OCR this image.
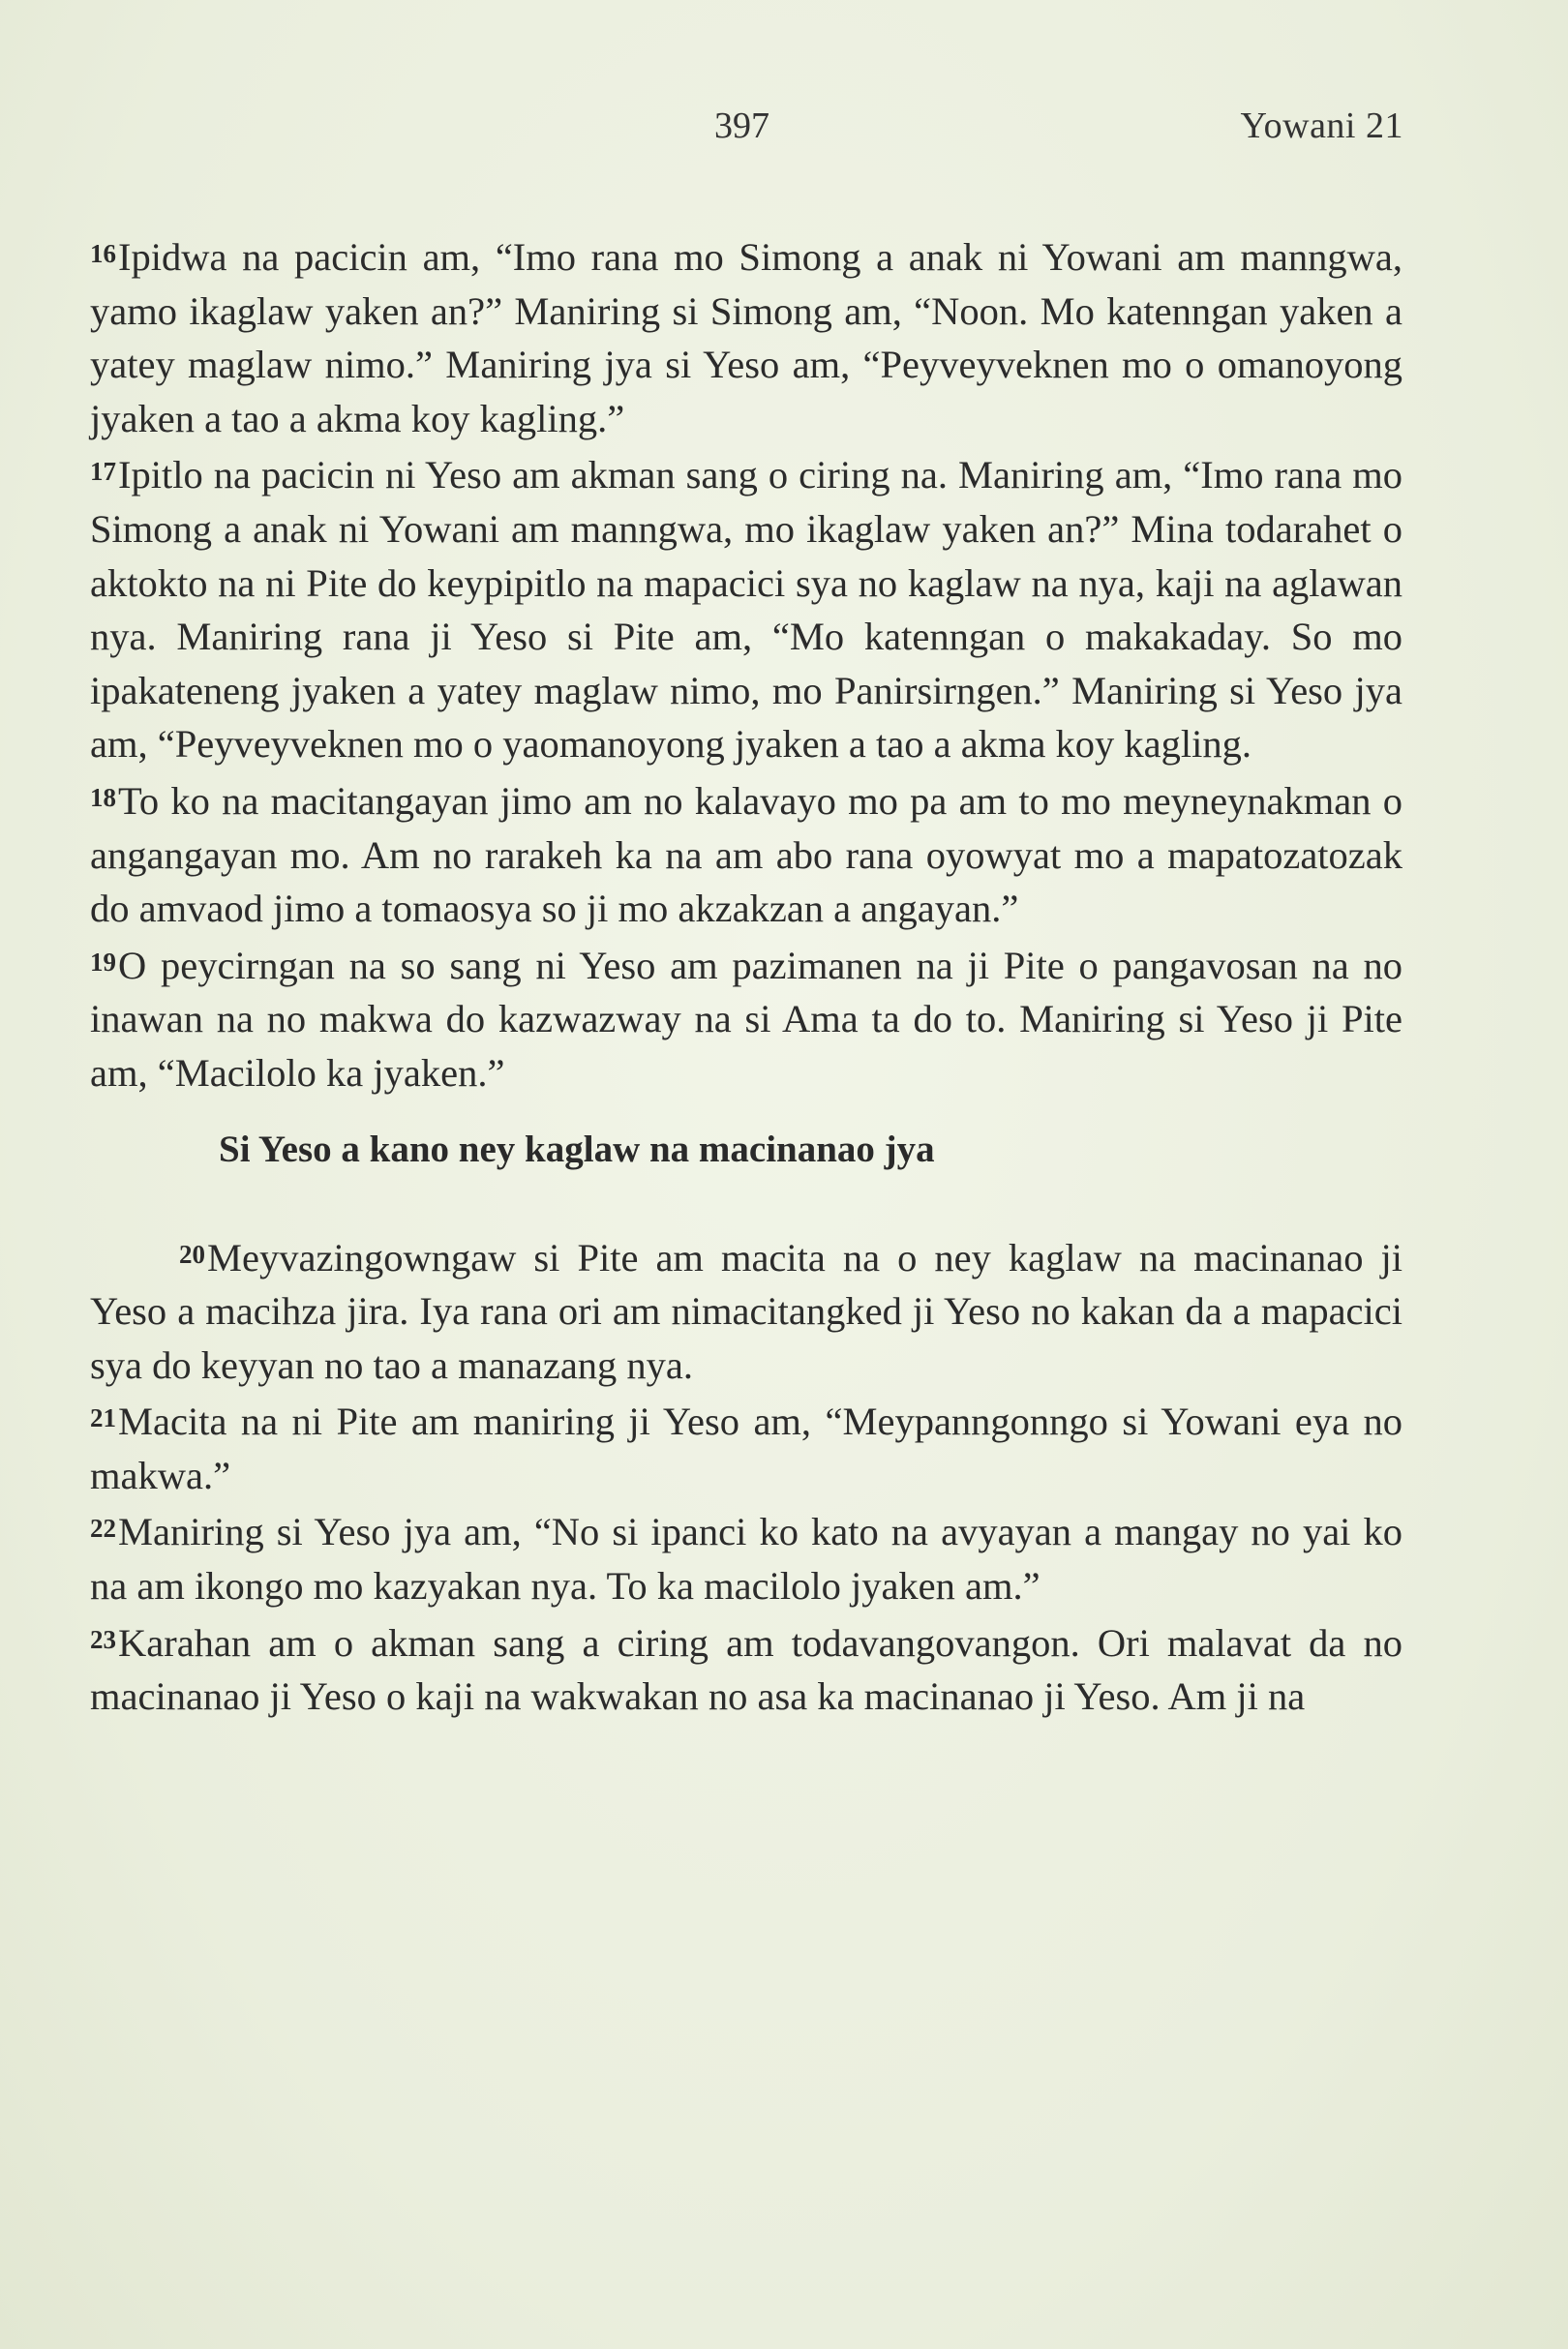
397	Yowani 21

16Ipidwa na pacicin am, “Imo rana mo Simong a anak ni Yowani am manngwa, yamo ikaglaw yaken an?” Maniring si Simong am, “Noon. Mo katenngan yaken a yatey maglaw nimo.” Maniring jya si Yeso am, “Peyveyveknen mo o omanoyong jyaken a tao a akma koy kagling.”

17Ipitlo na pacicin ni Yeso am akman sang o ciring na. Maniring am, “Imo rana mo Simong a anak ni Yowani am manngwa, mo ikaglaw yaken an?” Mina todarahet o aktokto na ni Pite do keypipitlo na mapacici sya no kaglaw na nya, kaji na aglawan nya. Maniring rana ji Yeso si Pite am, “Mo katenngan o makakaday. So mo ipakateneng jyaken a yatey maglaw nimo, mo Panirsirngen.” Maniring si Yeso jya am, “Peyveyveknen mo o yaomanoyong jyaken a tao a akma koy kagling.

18To ko na macitangayan jimo am no kalavayo mo pa am to mo meyneynakman o angangayan mo. Am no rarakeh ka na am abo rana oyowyat mo a mapatozatozak do amvaod jimo a tomaosya so ji mo akzakzan a angayan.”

19O peycirngan na so sang ni Yeso am pazimanen na ji Pite o pangavosan na no inawan na no makwa do kazwazway na si Ama ta do to. Maniring si Yeso ji Pite am, “Macilolo ka jyaken.”

Si Yeso a kano ney kaglaw na macinanao jya

20Meyvazingowngaw si Pite am macita na o ney kaglaw na macinanao ji Yeso a macihza jira. Iya rana ori am nimacitangked ji Yeso no kakan da a mapacici sya do keyyan no tao a manazang nya.

21Macita na ni Pite am maniring ji Yeso am, “Meypanngonngo si Yowani eya no makwa.”

22Maniring si Yeso jya am, “No si ipanci ko kato na avyayan a mangay no yai ko na am ikongo mo kazyakan nya. To ka macilolo jyaken am.”

23Karahan am o akman sang a ciring am todavangovangon. Ori malavat da no macinanao ji Yeso o kaji na wakwakan no asa ka macinanao ji Yeso. Am ji na
